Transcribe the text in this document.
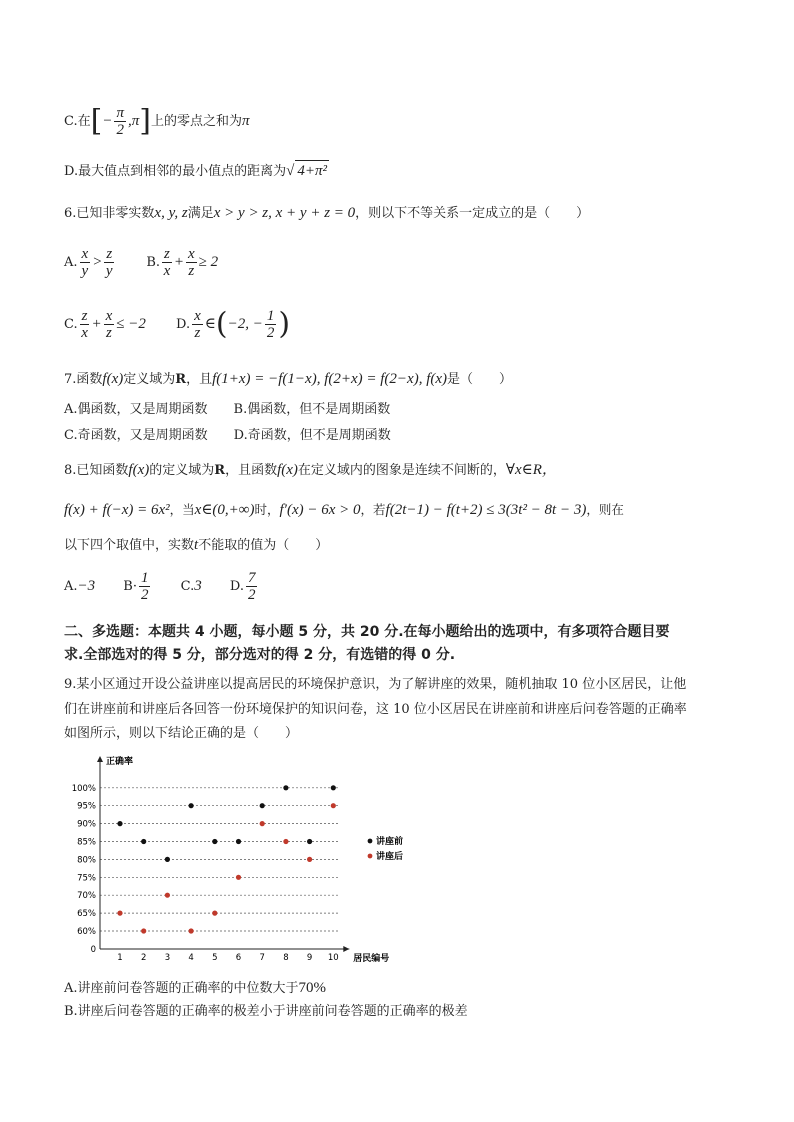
C.在[− $\frac{\pi}{2} ,\pi$]上的零点之和为π
D.最大值点到相邻的最小值点的距离为√ 4+π²
6.已知非零实数x, y, z满足x > y > z, x + y + z = 0，则以下不等关系一定成立的是（　　）
A. $\frac{x}{y} > \frac{z}{y} B$. $\frac{z}{x} + \frac{x}{z} \ge 2$
C. $\frac{z}{x} + \frac{x}{z} \le -2$ D. $\frac{x}{z}$ ∈(−2, − $\frac{1}{2}$ )
7.函数f(x)定义域为R，且f(1+x) = −f(1−x), f(2+x) = f(2−x), f(x)是（　　）
A.偶函数，又是周期函数 B.偶函数，但不是周期函数
C.奇函数，又是周期函数 D.奇函数，但不是周期函数
8.已知函数f(x)的定义域为R，且函数f(x)在定义域内的图象是连续不间断的，∀x∈R，
f(x) + f(−x) = 6x²，当x∈(0,+∞)时，f′(x) − 6x > 0，若f(2t−1) − f(t+2) ≤ 3(3t² − 8t − 3)，则在
以下四个取值中，实数t不能取的值为（　　）
A.−3 $B\cdot \frac{1}{2} C.3$ D. $\frac{7}{2}$
二、多选题：本题共 4 小题，每小题 5 分，共 20 分.在每小题给出的选项中，有多项符合题目要
求.全部选对的得 5 分，部分选对的得 2 分，有选错的得 0 分.
9.某小区通过开设公益讲座以提高居民的环境保护意识，为了解讲座的效果，随机抽取 10 位小区居民，让他
们在讲座前和讲座后各回答一份环境保护的知识问卷，这 10 位小区居民在讲座前和讲座后问卷答题的正确率
如图所示，则以下结论正确的是（　　）
0
60%
65%
70%
75%
80%
85%
90%
95%
100%
正确率
居民编号
1 2 3 4 5 6 7 8 9 10
讲座前
讲座后
A.讲座前问卷答题的正确率的中位数大于70%
B.讲座后问卷答题的正确率的极差小于讲座前问卷答题的正确率的极差
